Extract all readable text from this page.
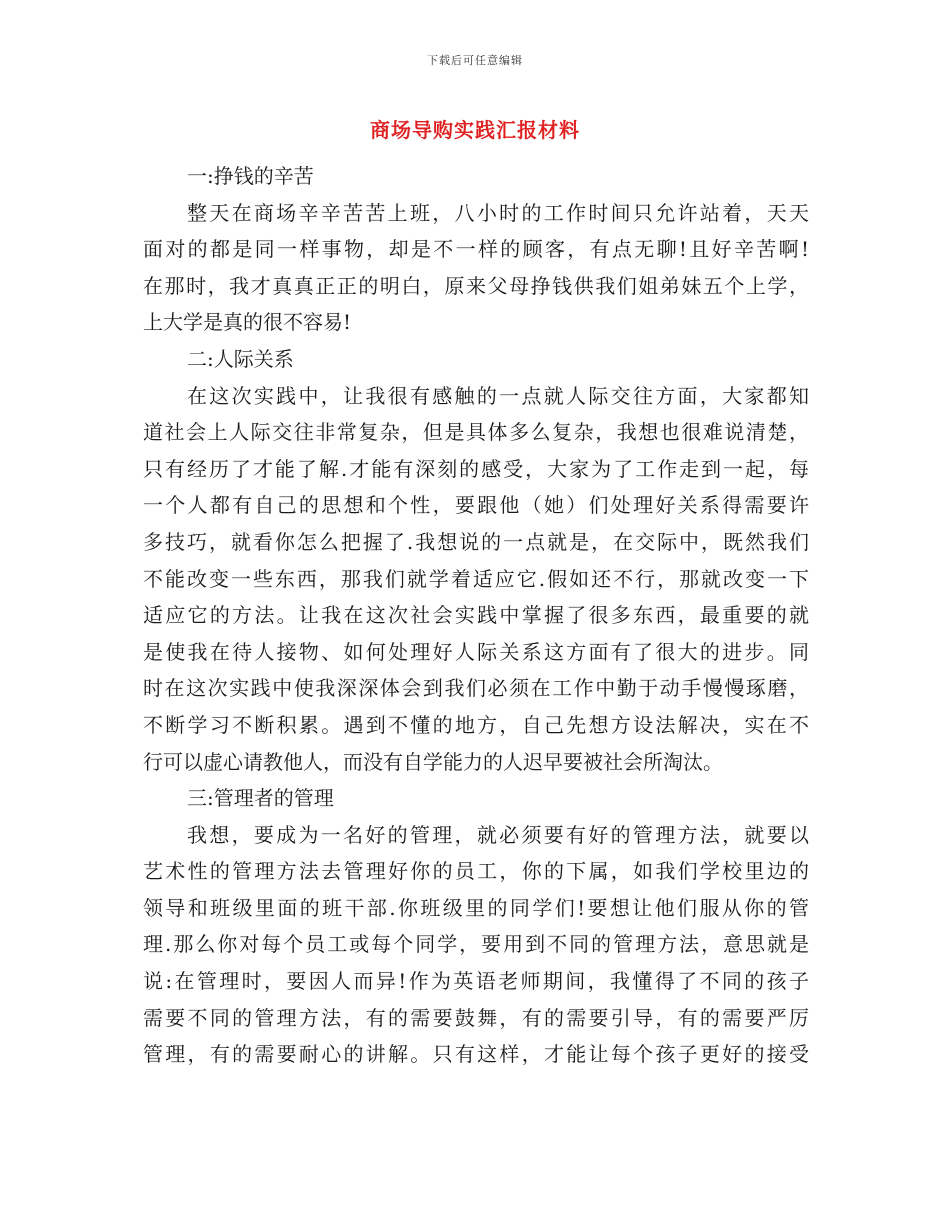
下载后可任意编辑
商场导购实践汇报材料
一:挣钱的辛苦
整天在商场辛辛苦苦上班，八小时的工作时间只允许站着，天天
面对的都是同一样事物，却是不一样的顾客，有点无聊!且好辛苦啊!
在那时，我才真真正正的明白，原来父母挣钱供我们姐弟妹五个上学，
上大学是真的很不容易!
二:人际关系
在这次实践中，让我很有感触的一点就人际交往方面，大家都知
道社会上人际交往非常复杂，但是具体多么复杂，我想也很难说清楚，
只有经历了才能了解.才能有深刻的感受，大家为了工作走到一起，每
一个人都有自己的思想和个性，要跟他（她）们处理好关系得需要许
多技巧，就看你怎么把握了.我想说的一点就是，在交际中，既然我们
不能改变一些东西，那我们就学着适应它.假如还不行，那就改变一下
适应它的方法。让我在这次社会实践中掌握了很多东西，最重要的就
是使我在待人接物、如何处理好人际关系这方面有了很大的进步。同
时在这次实践中使我深深体会到我们必须在工作中勤于动手慢慢琢磨，
不断学习不断积累。遇到不懂的地方，自己先想方设法解决，实在不
行可以虚心请教他人，而没有自学能力的人迟早要被社会所淘汰。
三:管理者的管理
我想，要成为一名好的管理，就必须要有好的管理方法，就要以
艺术性的管理方法去管理好你的员工，你的下属，如我们学校里边的
领导和班级里面的班干部.你班级里的同学们!要想让他们服从你的管
理.那么你对每个员工或每个同学，要用到不同的管理方法，意思就是
说:在管理时，要因人而异!作为英语老师期间，我懂得了不同的孩子
需要不同的管理方法，有的需要鼓舞，有的需要引导，有的需要严厉
管理，有的需要耐心的讲解。只有这样，才能让每个孩子更好的接受
